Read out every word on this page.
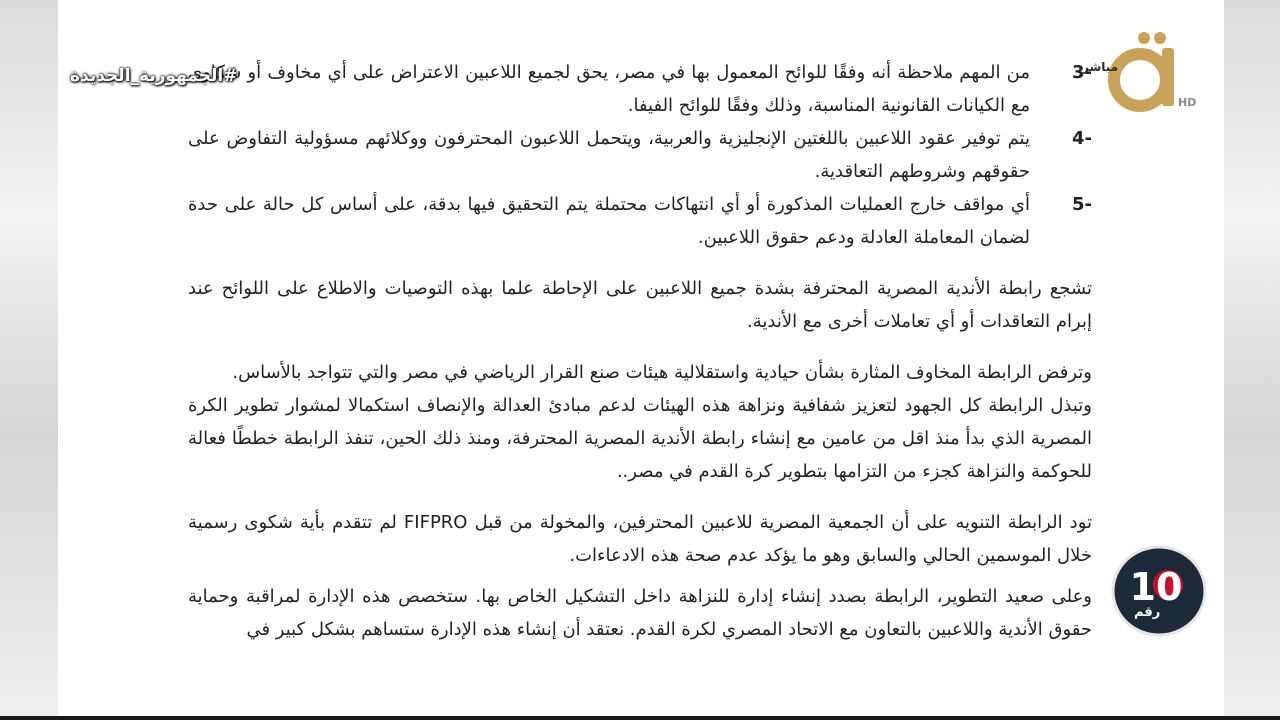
3-

من المهم ملاحظة أنه وفقًا للوائح المعمول بها في مصر، يحق لجميع اللاعبين الاعتراض على أي مخاوف أو شكاوى مع الكيانات القانونية المناسبة، وذلك وفقًا للوائح الفيفا.

4-

يتم توفير عقود اللاعبين باللغتين الإنجليزية والعربية، ويتحمل اللاعبون المحترفون ووكلائهم مسؤولية التفاوض على حقوقهم وشروطهم التعاقدية.

5-

أي مواقف خارج العمليات المذكورة أو أي انتهاكات محتملة يتم التحقيق فيها بدقة، على أساس كل حالة على حدة لضمان المعاملة العادلة ودعم حقوق اللاعبين.

تشجع رابطة الأندية المصرية المحترفة بشدة جميع اللاعبين على الإحاطة علما بهذه التوصيات والاطلاع على اللوائح عند إبرام التعاقدات أو أي تعاملات أخرى مع الأندية.

وترفض الرابطة المخاوف المثارة بشأن حيادية واستقلالية هيئات صنع القرار الرياضي في مصر والتي تتواجد بالأساس.

وتبذل الرابطة كل الجهود لتعزيز شفافية ونزاهة هذه الهيئات لدعم مبادئ العدالة والإنصاف استكمالا لمشوار تطوير الكرة المصرية الذي بدأ منذ اقل من عامين مع إنشاء رابطة الأندية المصرية المحترفة، ومنذ ذلك الحين، تنفذ الرابطة خططًا فعالة للحوكمة والنزاهة كجزء من التزامها بتطوير كرة القدم في مصر..

تود الرابطة التنويه على أن الجمعية المصرية للاعبين المحترفين، والمخولة من قبل FIFPRO لم تتقدم بأية شكوى رسمية خلال الموسمين الحالي والسابق وهو ما يؤكد عدم صحة هذه الادعاءات.

وعلى صعيد التطوير، الرابطة بصدد إنشاء إدارة للنزاهة داخل التشكيل الخاص بها. ستخصص هذه الإدارة لمراقبة وحماية حقوق الأندية واللاعبين بالتعاون مع الاتحاد المصري لكرة القدم. نعتقد أن إنشاء هذه الإدارة ستساهم بشكل كبير في

#الجمهورية_الجديدة	مباشر
HD
10
رقم
